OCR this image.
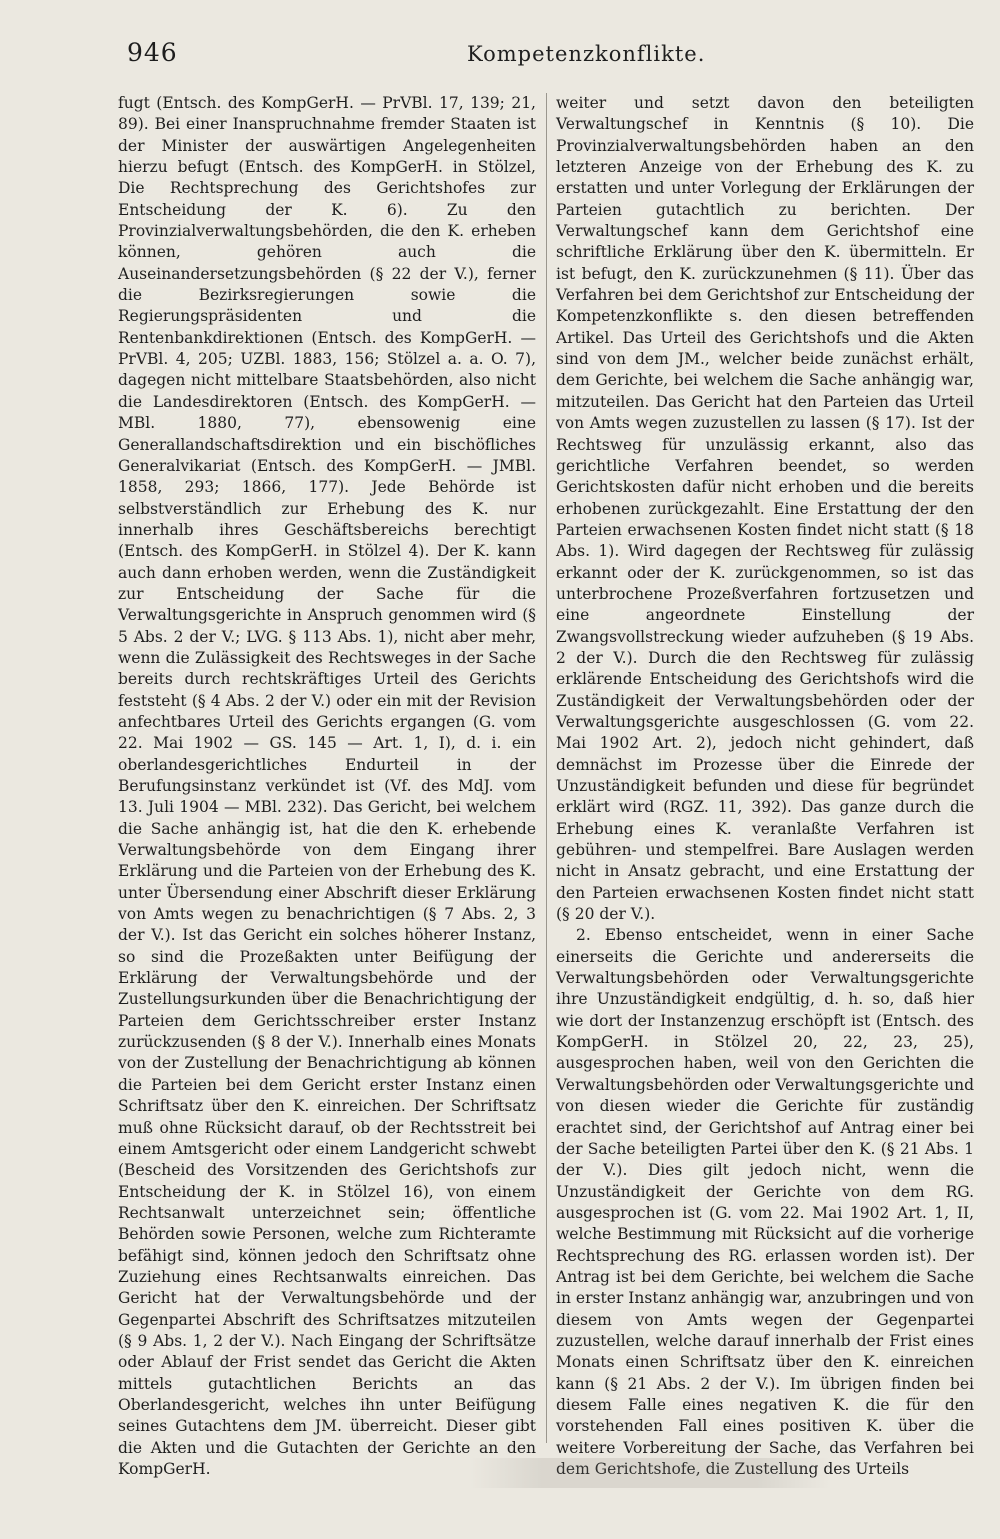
946	Kompetenzkonflikte.

fugt (Entsch. des KompGerH. — PrVBl. 17, 139; 21, 89). Bei einer Inanspruchnahme fremder Staaten ist der Minister der auswärtigen Angelegenheiten hierzu befugt (Entsch. des KompGerH. in Stölzel, Die Rechtsprechung des Gerichtshofes zur Entscheidung der K. 6). Zu den Provinzialverwaltungsbehörden, die den K. erheben können, gehören auch die Auseinandersetzungsbehörden (§ 22 der V.), ferner die Bezirksregierungen sowie die Regierungspräsidenten und die Rentenbankdirektionen (Entsch. des KompGerH. — PrVBl. 4, 205; UZBl. 1883, 156; Stölzel a. a. O. 7), dagegen nicht mittelbare Staatsbehörden, also nicht die Landesdirektoren (Entsch. des KompGerH. — MBl. 1880, 77), ebensowenig eine Generallandschaftsdirektion und ein bischöfliches Generalvikariat (Entsch. des KompGerH. — JMBl. 1858, 293; 1866, 177). Jede Behörde ist selbstverständlich zur Erhebung des K. nur innerhalb ihres Geschäftsbereichs berechtigt (Entsch. des KompGerH. in Stölzel 4). Der K. kann auch dann erhoben werden, wenn die Zuständigkeit zur Entscheidung der Sache für die Verwaltungsgerichte in Anspruch genommen wird (§ 5 Abs. 2 der V.; LVG. § 113 Abs. 1), nicht aber mehr, wenn die Zulässigkeit des Rechtsweges in der Sache bereits durch rechtskräftiges Urteil des Gerichts feststeht (§ 4 Abs. 2 der V.) oder ein mit der Revision anfechtbares Urteil des Gerichts ergangen (G. vom 22. Mai 1902 — GS. 145 — Art. 1, I), d. i. ein oberlandesgerichtliches Endurteil in der Berufungsinstanz verkündet ist (Vf. des MdJ. vom 13. Juli 1904 — MBl. 232). Das Gericht, bei welchem die Sache anhängig ist, hat die den K. erhebende Verwaltungsbehörde von dem Eingang ihrer Erklärung und die Parteien von der Erhebung des K. unter Übersendung einer Abschrift dieser Erklärung von Amts wegen zu benachrichtigen (§ 7 Abs. 2, 3 der V.). Ist das Gericht ein solches höherer Instanz, so sind die Prozeßakten unter Beifügung der Erklärung der Verwaltungsbehörde und der Zustellungsurkunden über die Benachrichtigung der Parteien dem Gerichtsschreiber erster Instanz zurückzusenden (§ 8 der V.). Innerhalb eines Monats von der Zustellung der Benachrichtigung ab können die Parteien bei dem Gericht erster Instanz einen Schriftsatz über den K. einreichen. Der Schriftsatz muß ohne Rücksicht darauf, ob der Rechtsstreit bei einem Amtsgericht oder einem Landgericht schwebt (Bescheid des Vorsitzenden des Gerichtshofs zur Entscheidung der K. in Stölzel 16), von einem Rechtsanwalt unterzeichnet sein; öffentliche Behörden sowie Personen, welche zum Richteramte befähigt sind, können jedoch den Schriftsatz ohne Zuziehung eines Rechtsanwalts einreichen. Das Gericht hat der Verwaltungsbehörde und der Gegenpartei Abschrift des Schriftsatzes mitzuteilen (§ 9 Abs. 1, 2 der V.). Nach Eingang der Schriftsätze oder Ablauf der Frist sendet das Gericht die Akten mittels gutachtlichen Berichts an das Oberlandesgericht, welches ihn unter Beifügung seines Gutachtens dem JM. überreicht. Dieser gibt die Akten und die Gutachten der Gerichte an den KompGerH.

weiter und setzt davon den beteiligten Verwaltungschef in Kenntnis (§ 10). Die Provinzialverwaltungsbehörden haben an den letzteren Anzeige von der Erhebung des K. zu erstatten und unter Vorlegung der Erklärungen der Parteien gutachtlich zu berichten. Der Verwaltungschef kann dem Gerichtshof eine schriftliche Erklärung über den K. übermitteln. Er ist befugt, den K. zurückzunehmen (§ 11). Über das Verfahren bei dem Gerichtshof zur Entscheidung der Kompetenzkonflikte s. den diesen betreffenden Artikel. Das Urteil des Gerichtshofs und die Akten sind von dem JM., welcher beide zunächst erhält, dem Gerichte, bei welchem die Sache anhängig war, mitzuteilen. Das Gericht hat den Parteien das Urteil von Amts wegen zuzustellen zu lassen (§ 17). Ist der Rechtsweg für unzulässig erkannt, also das gerichtliche Verfahren beendet, so werden Gerichtskosten dafür nicht erhoben und die bereits erhobenen zurückgezahlt. Eine Erstattung der den Parteien erwachsenen Kosten findet nicht statt (§ 18 Abs. 1). Wird dagegen der Rechtsweg für zulässig erkannt oder der K. zurückgenommen, so ist das unterbrochene Prozeßverfahren fortzusetzen und eine angeordnete Einstellung der Zwangsvollstreckung wieder aufzuheben (§ 19 Abs. 2 der V.). Durch die den Rechtsweg für zulässig erklärende Entscheidung des Gerichtshofs wird die Zuständigkeit der Verwaltungsbehörden oder der Verwaltungsgerichte ausgeschlossen (G. vom 22. Mai 1902 Art. 2), jedoch nicht gehindert, daß demnächst im Prozesse über die Einrede der Unzuständigkeit befunden und diese für begründet erklärt wird (RGZ. 11, 392). Das ganze durch die Erhebung eines K. veranlaßte Verfahren ist gebühren- und stempelfrei. Bare Auslagen werden nicht in Ansatz gebracht, und eine Erstattung der den Parteien erwachsenen Kosten findet nicht statt (§ 20 der V.).

2. Ebenso entscheidet, wenn in einer Sache einerseits die Gerichte und andererseits die Verwaltungsbehörden oder Verwaltungsgerichte ihre Unzuständigkeit endgültig, d. h. so, daß hier wie dort der Instanzenzug erschöpft ist (Entsch. des KompGerH. in Stölzel 20, 22, 23, 25), ausgesprochen haben, weil von den Gerichten die Verwaltungsbehörden oder Verwaltungsgerichte und von diesen wieder die Gerichte für zuständig erachtet sind, der Gerichtshof auf Antrag einer bei der Sache beteiligten Partei über den K. (§ 21 Abs. 1 der V.). Dies gilt jedoch nicht, wenn die Unzuständigkeit der Gerichte von dem RG. ausgesprochen ist (G. vom 22. Mai 1902 Art. 1, II, welche Bestimmung mit Rücksicht auf die vorherige Rechtsprechung des RG. erlassen worden ist). Der Antrag ist bei dem Gerichte, bei welchem die Sache in erster Instanz anhängig war, anzubringen und von diesem von Amts wegen der Gegenpartei zuzustellen, welche darauf innerhalb der Frist eines Monats einen Schriftsatz über den K. einreichen kann (§ 21 Abs. 2 der V.). Im übrigen finden bei diesem Falle eines negativen K. die für den vorstehenden Fall eines positiven K. über die weitere Vorbereitung der Sache, das Verfahren bei dem Gerichtshofe, die Zustellung des Urteils
